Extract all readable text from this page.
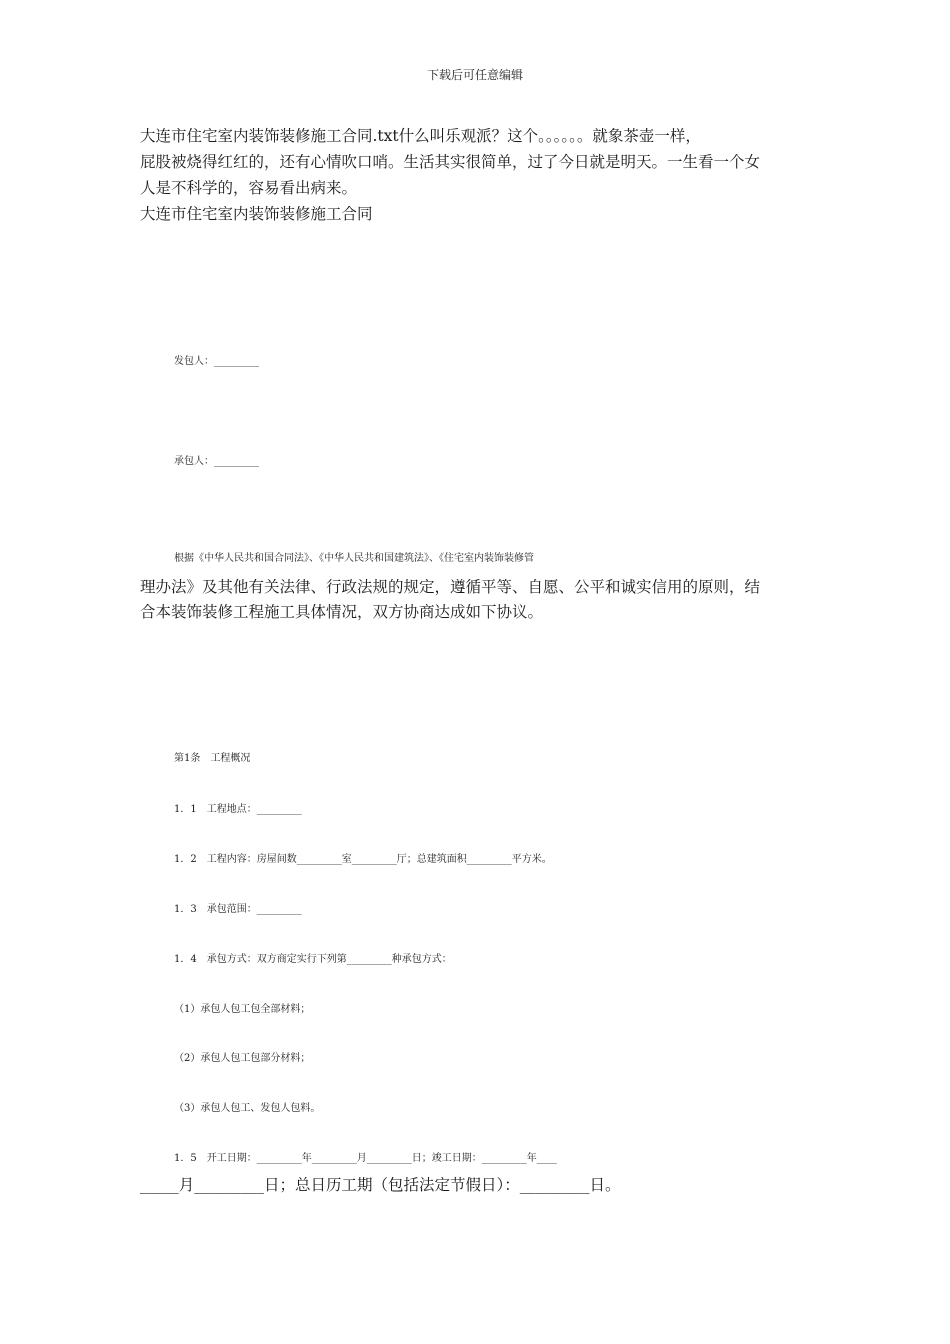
下载后可任意编辑
大连市住宅室内装饰装修施工合同.txt什么叫乐观派？这个。。。。。。就象茶壶一样，
屁股被烧得红红的，还有心情吹口哨。生活其实很简单，过了今日就是明天。一生看一个女
人是不科学的，容易看出病来。
大连市住宅室内装饰装修施工合同
发包人：_________
承包人：_________
根据《中华人民共和国合同法》、《中华人民共和国建筑法》、《住宅室内装饰装修管
理办法》及其他有关法律、行政法规的规定，遵循平等、自愿、公平和诚实信用的原则，结
合本装饰装修工程施工具体情况，双方协商达成如下协议。
第1条　工程概况
1．1　工程地点：_________
1．2　工程内容：房屋间数_________室_________厅；总建筑面积_________平方米。
1．3　承包范围：_________
1．4　承包方式：双方商定实行下列第_________种承包方式：
（1）承包人包工包全部材料；
（2）承包人包工包部分材料；
（3）承包人包工、发包人包料。
1．5　开工日期：_________年_________月_________日；竣工日期：_________年____
_____月_________日；总日历工期（包括法定节假日）：_________日。
